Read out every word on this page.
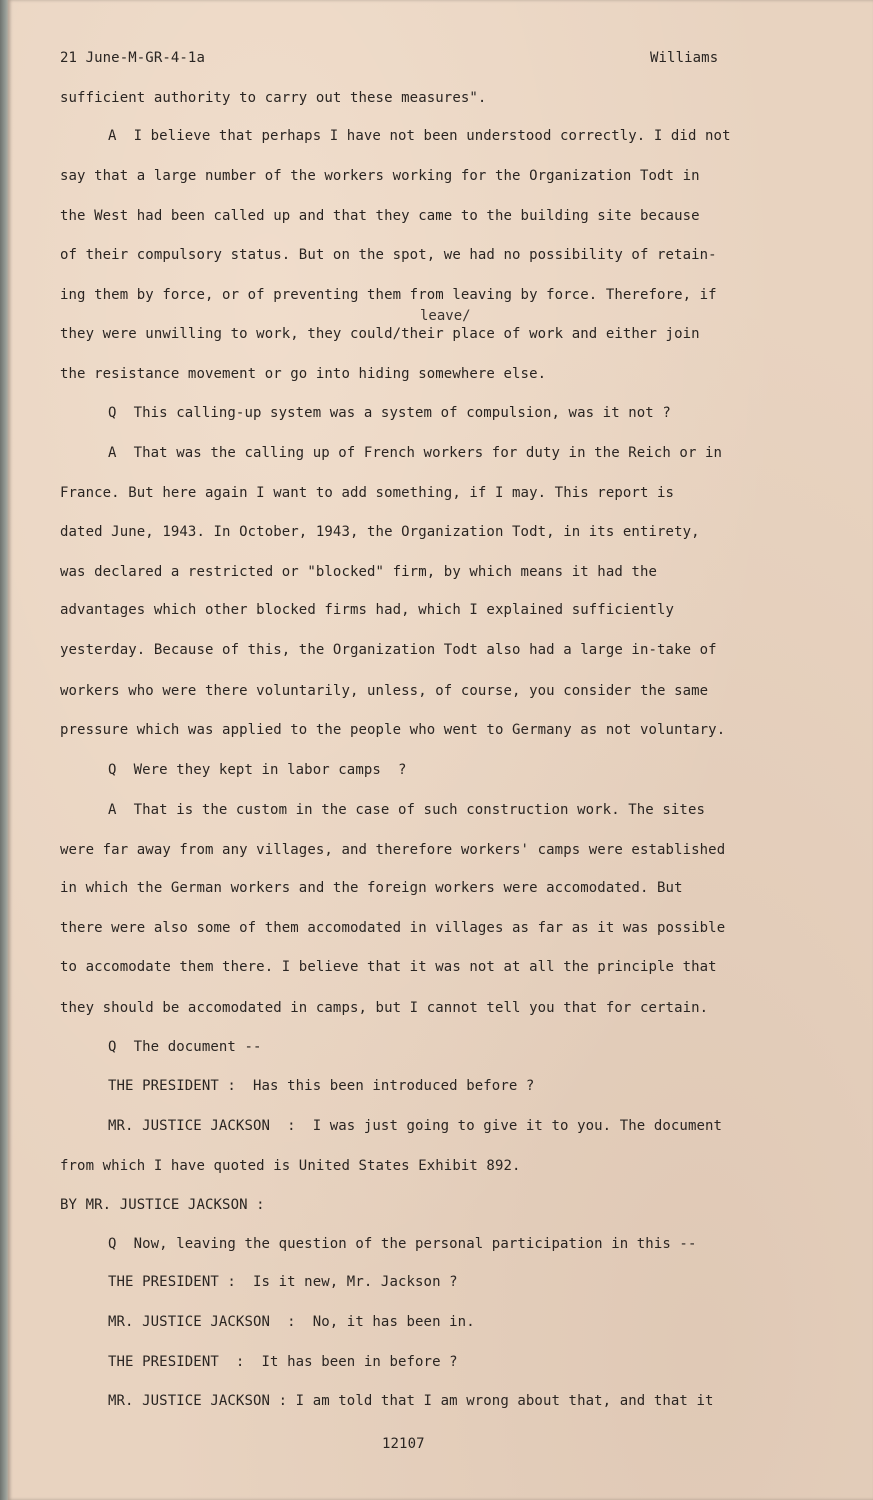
21 June-M-GR-4-1a	Williams
leave/
sufficient authority to carry out these measures".
A  I believe that perhaps I have not been understood correctly. I did not
say that a large number of the workers working for the Organization Todt in
the West had been called up and that they came to the building site because
of their compulsory status. But on the spot, we had no possibility of retain-
ing them by force, or of preventing them from leaving by force. Therefore, if
they were unwilling to work, they could/their place of work and either join
the resistance movement or go into hiding somewhere else.
Q  This calling-up system was a system of compulsion, was it not ?
A  That was the calling up of French workers for duty in the Reich or in
France. But here again I want to add something, if I may. This report is
dated June, 1943. In October, 1943, the Organization Todt, in its entirety,
was declared a restricted or "blocked" firm, by which means it had the
advantages which other blocked firms had, which I explained sufficiently
yesterday. Because of this, the Organization Todt also had a large in-take of
workers who were there voluntarily, unless, of course, you consider the same
pressure which was applied to the people who went to Germany as not voluntary.
Q  Were they kept in labor camps  ?
A  That is the custom in the case of such construction work. The sites
were far away from any villages, and therefore workers' camps were established
in which the German workers and the foreign workers were accomodated. But
there were also some of them accomodated in villages as far as it was possible
to accomodate them there. I believe that it was not at all the principle that
they should be accomodated in camps, but I cannot tell you that for certain.
Q  The document --
THE PRESIDENT :  Has this been introduced before ?
MR. JUSTICE JACKSON  :  I was just going to give it to you. The document
from which I have quoted is United States Exhibit 892.
BY MR. JUSTICE JACKSON :
Q  Now, leaving the question of the personal participation in this --
THE PRESIDENT :  Is it new, Mr. Jackson ?
MR. JUSTICE JACKSON  :  No, it has been in.
THE PRESIDENT  :  It has been in before ?
MR. JUSTICE JACKSON : I am told that I am wrong about that, and that it
12107
